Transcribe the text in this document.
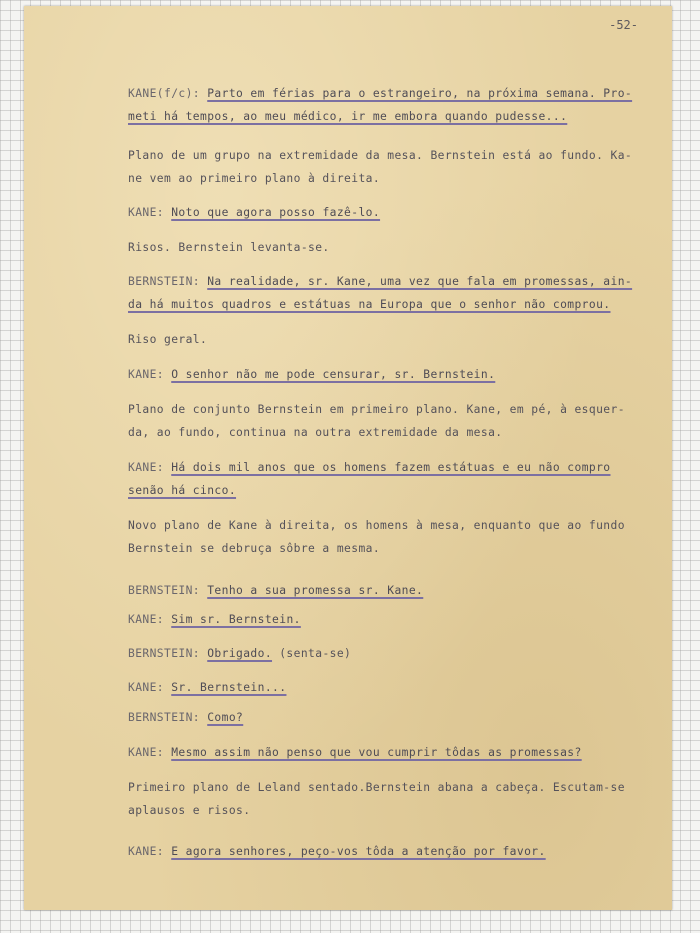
-52-
KANE(f/c): Parto em férias para o estrangeiro, na próxima semana. Pro-
meti há tempos, ao meu médico, ir me embora quando pudesse...
Plano de um grupo na extremidade da mesa. Bernstein está ao fundo. Ka-
ne vem ao primeiro plano à direita.
KANE: Noto que agora posso fazê-lo.
Risos. Bernstein levanta-se.
BERNSTEIN: Na realidade, sr. Kane, uma vez que fala em promessas, ain-
da há muitos quadros e estátuas na Europa que o senhor não comprou.
Riso geral.
KANE: O senhor não me pode censurar, sr. Bernstein.
Plano de conjunto Bernstein em primeiro plano. Kane, em pé, à esquer-
da, ao fundo, continua na outra extremidade da mesa.
KANE: Há dois mil anos que os homens fazem estátuas e eu não compro
senão há cinco.
Novo plano de Kane à direita, os homens à mesa, enquanto que ao fundo
Bernstein se debruça sôbre a mesma.
BERNSTEIN: Tenho a sua promessa sr. Kane.
KANE: Sim sr. Bernstein.
BERNSTEIN: Obrigado. (senta-se)
KANE: Sr. Bernstein...
BERNSTEIN: Como?
KANE: Mesmo assim não penso que vou cumprir tôdas as promessas?
Primeiro plano de Leland sentado.Bernstein abana a cabeça. Escutam-se
aplausos e risos.
KANE: E agora senhores, peço-vos tôda a atenção por favor.
